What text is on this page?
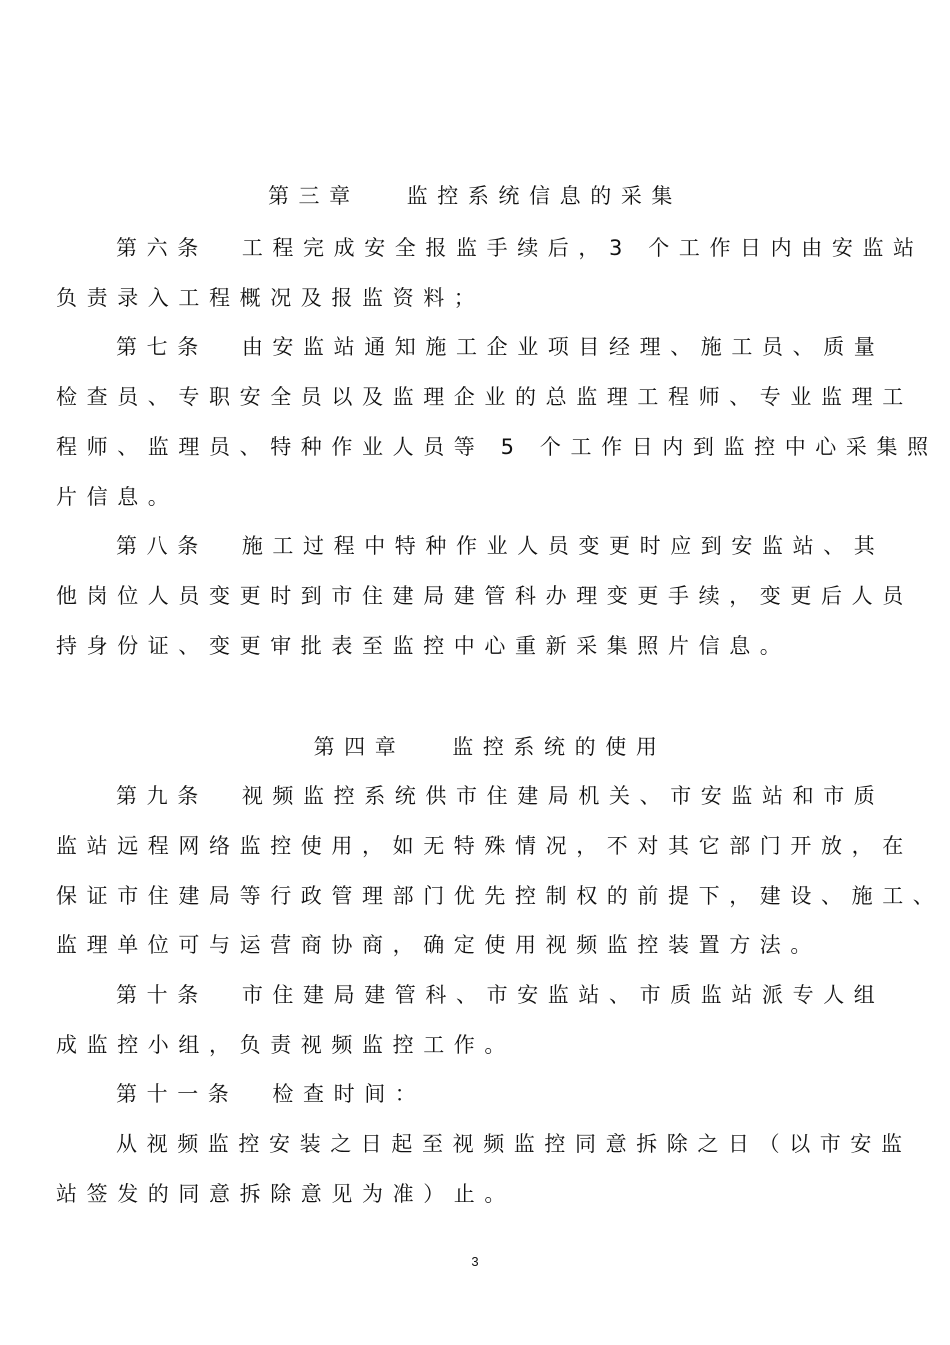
第三章　 监控系统信息的采集
第六条 工程完成安全报监手续后，3 个工作日内由安监站
负责录入工程概况及报监资料；
第七条 由安监站通知施工企业项目经理、施工员、质量
检查员、专职安全员以及监理企业的总监理工程师、专业监理工
程师、监理员、特种作业人员等 5 个工作日内到监控中心采集照
片信息。
第八条 施工过程中特种作业人员变更时应到安监站、其
他岗位人员变更时到市住建局建管科办理变更手续，变更后人员
持身份证、变更审批表至监控中心重新采集照片信息。
第四章　 监控系统的使用
第九条 视频监控系统供市住建局机关、市安监站和市质
监站远程网络监控使用，如无特殊情况，不对其它部门开放，在
保证市住建局等行政管理部门优先控制权的前提下，建设、施工、
监理单位可与运营商协商，确定使用视频监控装置方法。
第十条 市住建局建管科、市安监站、市质监站派专人组
成监控小组，负责视频监控工作。
第十一条 检查时间：
从视频监控安装之日起至视频监控同意拆除之日（以市安监
站签发的同意拆除意见为准）止。
3
